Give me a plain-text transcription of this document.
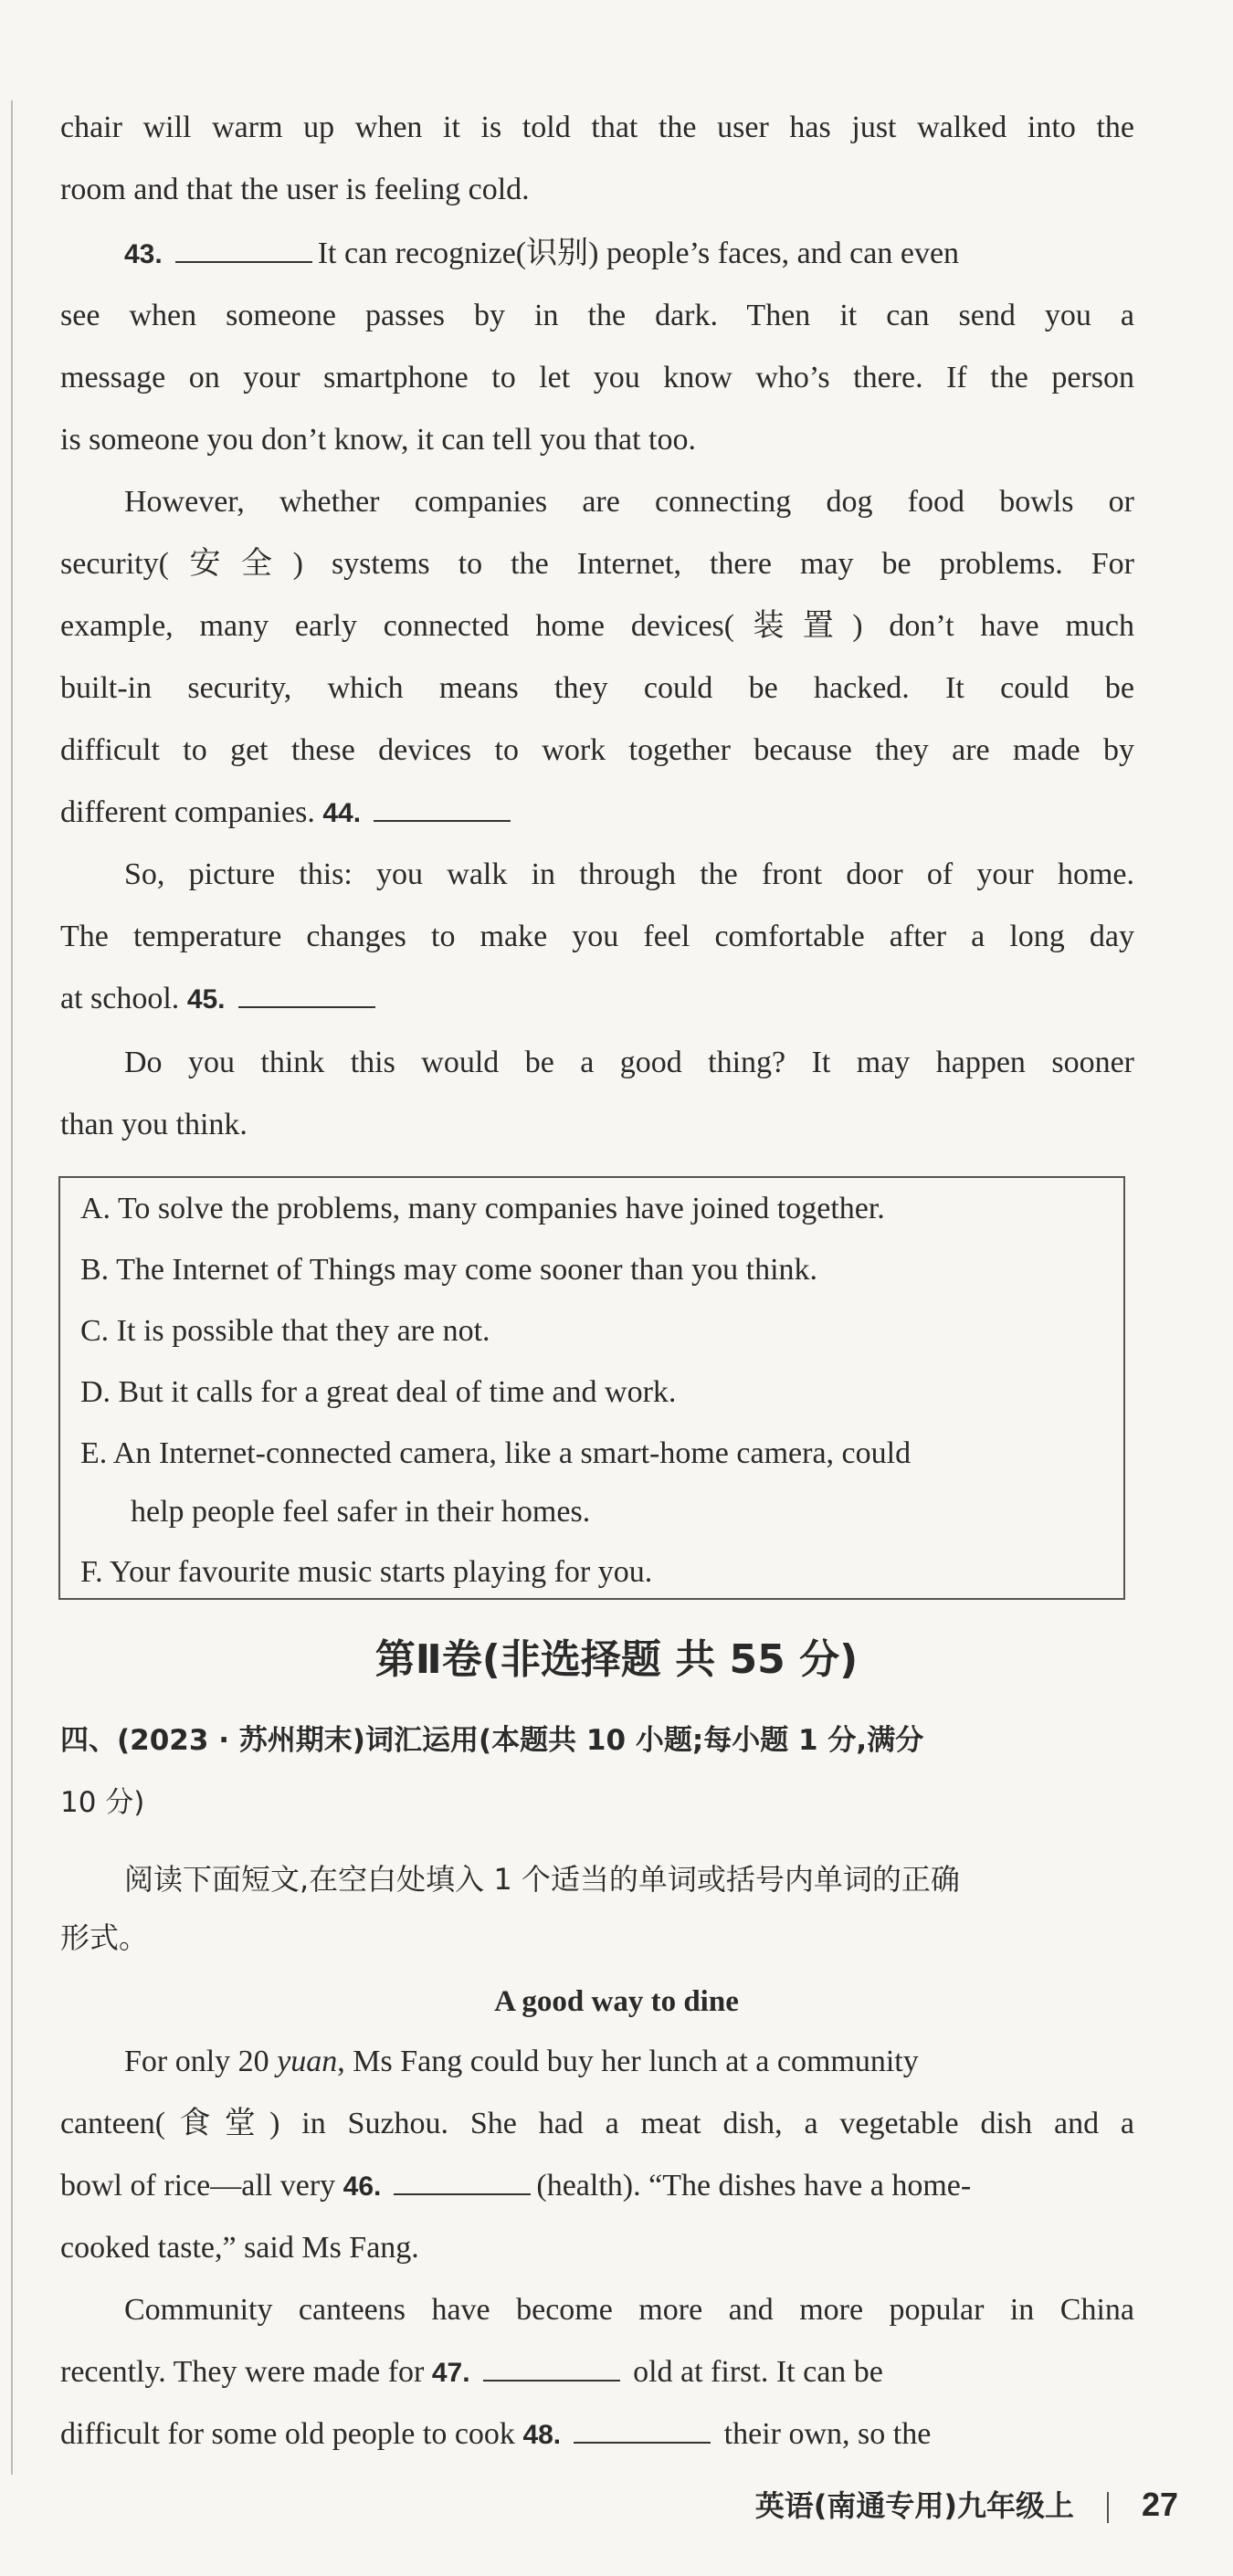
chair will warm up when it is told that the user has just walked into the
room and that the user is feeling cold.
43.	It can recognize(识别) people’s faces, and can even
see when someone passes by in the dark. Then it can send you a
message on your smartphone to let you know who’s there. If the person
is someone you don’t know, it can tell you that too.
However, whether companies are connecting dog food bowls or
security(安全) systems to the Internet, there may be problems. For
example, many early connected home devices(装置) don’t have much
built-in security, which means they could be hacked. It could be
difficult to get these devices to work together because they are made by
different companies. 44.
So, picture this: you walk in through the front door of your home.
The temperature changes to make you feel comfortable after a long day
at school. 45.
Do you think this would be a good thing? It may happen sooner
than you think.
A. To solve the problems, many companies have joined together.
B. The Internet of Things may come sooner than you think.
C. It is possible that they are not.
D. But it calls for a great deal of time and work.
E. An Internet-connected camera, like a smart-home camera, could
help people feel safer in their homes.
F. Your favourite music starts playing for you.
第Ⅱ卷(非选择题 共 55 分)
四、(2023 · 苏州期末)词汇运用(本题共 10 小题;每小题 1 分,满分
10 分)
阅读下面短文,在空白处填入 1 个适当的单词或括号内单词的正确
形式。
A good way to dine
For only 20 yuan, Ms Fang could buy her lunch at a community
canteen(食堂) in Suzhou. She had a meat dish, a vegetable dish and a
bowl of rice—all very 46.	(health). “The dishes have a home-
cooked taste,” said Ms Fang.
Community canteens have become more and more popular in China
recently. They were made for 47.	old at first. It can be
difficult for some old people to cook 48.	their own, so the
英语(南通专用)九年级上 27
